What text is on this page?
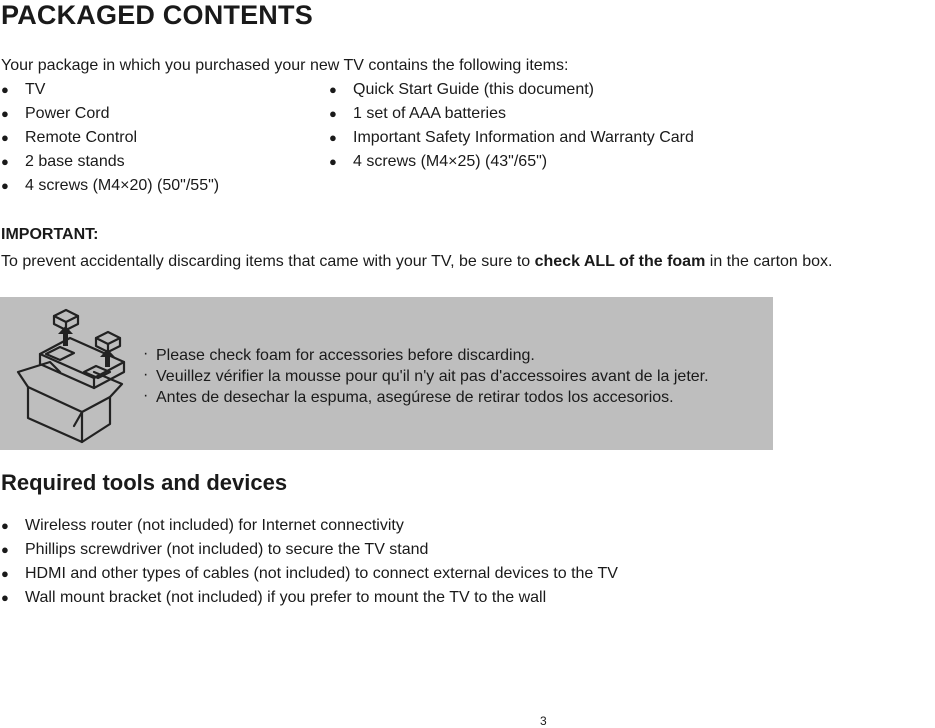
PACKAGED CONTENTS
Your package in which you purchased your new TV contains the following items:
● TV
● Power Cord
● Remote Control
● 2 base stands
● 4 screws (M4×20) (50"/55")
● Quick Start Guide (this document)
● 1 set of AAA batteries
● Important Safety Information and Warranty Card
● 4 screws (M4×25) (43"/65")
IMPORTANT:
To prevent accidentally discarding items that came with your TV, be sure to check ALL of the foam in the carton box.
· Please check foam for accessories before discarding.
· Veuillez vérifier la mousse pour qu'il n'y ait pas d'accessoires avant de la jeter.
· Antes de desechar la espuma, asegúrese de retirar todos los accesorios.
Required tools and devices
● Wireless router (not included) for Internet connectivity
● Phillips screwdriver (not included) to secure the TV stand
● HDMI and other types of cables (not included) to connect external devices to the TV
● Wall mount bracket (not included) if you prefer to mount the TV to the wall
3
